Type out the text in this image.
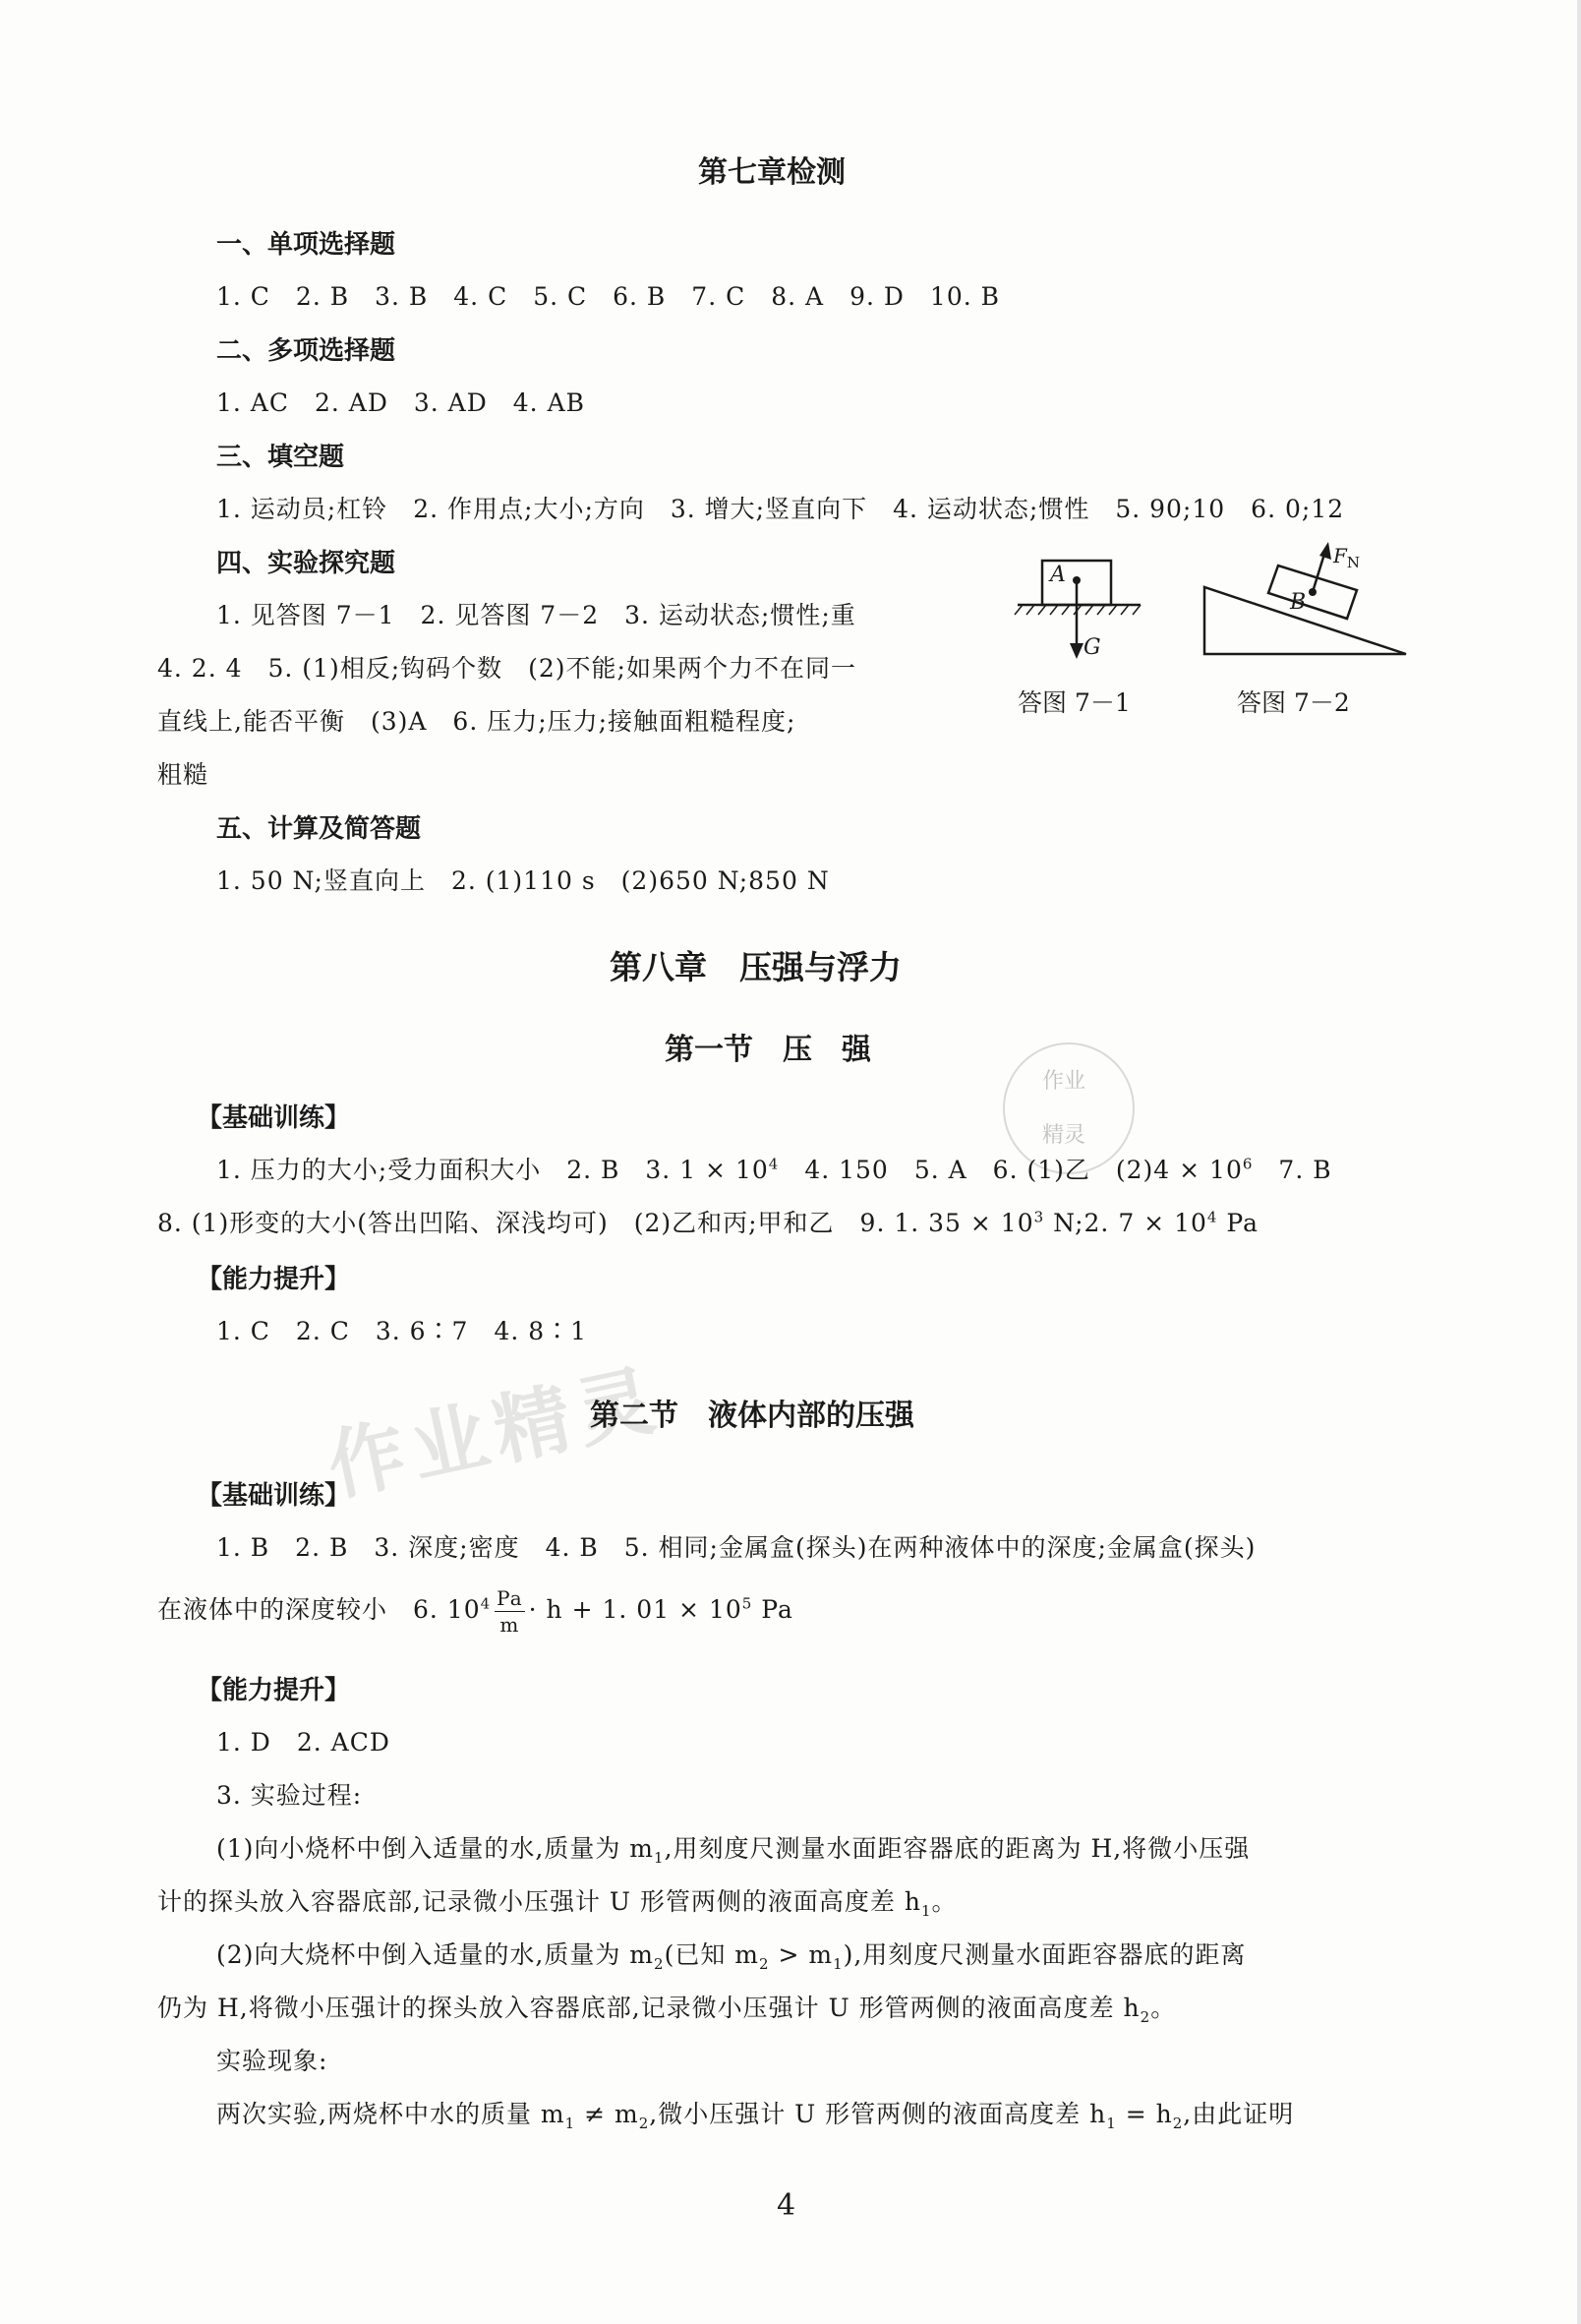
作业精灵
作业
精灵
第七章检测
一、单项选择题
1. C　2. B　3. B　4. C　5. C　6. B　7. C　8. A　9. D　10. B
二、多项选择题
1. AC　2. AD　3. AD　4. AB
三、填空题
1. 运动员;杠铃　2. 作用点;大小;方向　3. 增大;竖直向下　4. 运动状态;惯性　5. 90;10　6. 0;12
四、实验探究题
1. 见答图 7－1　2. 见答图 7－2　3. 运动状态;惯性;重
4. 2. 4　5. (1)相反;钩码个数　(2)不能;如果两个力不在同一
直线上,能否平衡　(3)A　6. 压力;压力;接触面粗糙程度;
粗糙
A
G
答图 7－1
B
$F_N$
答图 7－2
五、计算及简答题
1. 50 N;竖直向上　2. (1)110 s　(2)650 N;850 N
第八章　压强与浮力
第一节　压　强
【基础训练】
1. 压力的大小;受力面积大小　2. B　3. $1 \times 10^4$　4. 150　5. A　6. (1)乙　$(2)4 \times 10^6$　7. B
8. (1)形变的大小(答出凹陷、深浅均可)　(2)乙和丙;甲和乙　9. 1. $35 \times 10^3$ N;2. $7 \times 10^4$ Pa
【能力提升】
1. C　2. C　3. 6∶7　4. 8∶1
第二节　液体内部的压强
【基础训练】
1. B　2. B　3. 深度;密度　4. B　5. 相同;金属盒(探头)在两种液体中的深度;金属盒(探头)
在液体中的深度较小　6. $10^4 \frac{Pa}{m} \cdot h + 1$. $01 \times 10^5$ Pa
【能力提升】
1. D　2. ACD
3. 实验过程:
(1)向小烧杯中倒入适量的水,质量为 $m_1$,用刻度尺测量水面距容器底的距离为 H,将微小压强
计的探头放入容器底部,记录微小压强计 U 形管两侧的液面高度差 $h_1$。
(2)向大烧杯中倒入适量的水,质量为 $m_2$(已知 $m_2 > m_1$),用刻度尺测量水面距容器底的距离
仍为 H,将微小压强计的探头放入容器底部,记录微小压强计 U 形管两侧的液面高度差 $h_2$。
实验现象:
两次实验,两烧杯中水的质量 $m_1 \ne m_2$,微小压强计 U 形管两侧的液面高度差 $h_1 = h_2$,由此证明
4
